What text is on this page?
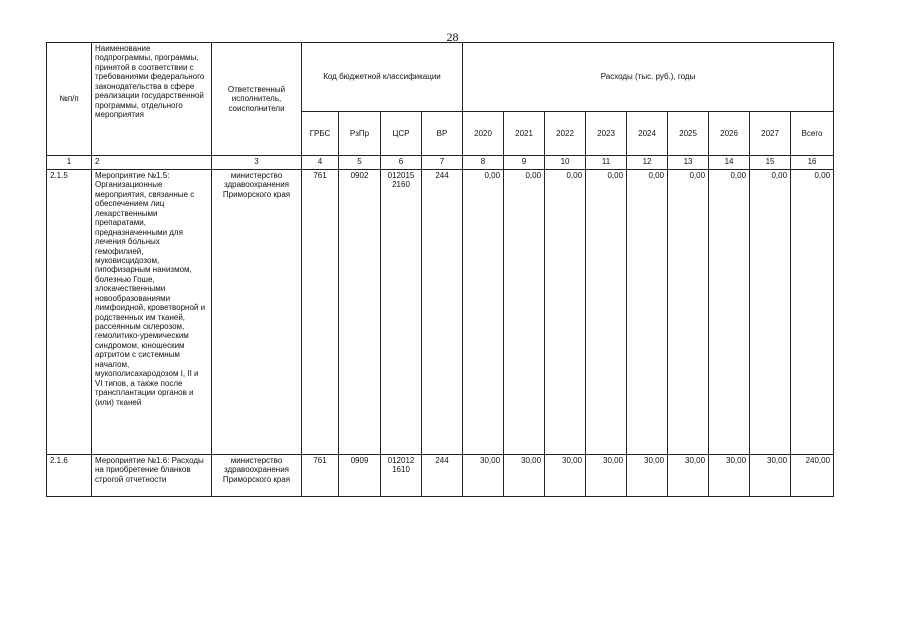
28
№п/п	Наименование подпрограммы, программы, принятой в соответствии с требованиями федерального законодательства в сфере реализации государственной программы, отдельного мероприятия	Ответственный исполнитель, соисполнители	Код бюджетной классификации				Расходы (тыс. руб.), годы								
			ГРБС	РзПр	ЦСР	ВР	2020	2021	2022	2023	2024	2025	2026	2027	Всего
1	2	3	4	5	6	7	8	9	10	11	12	13	14	15	16
2.1.5	Мероприятие №1.5: Организационные мероприятия, связанные с обеспечением лиц лекарственными препаратами, предназначенными для лечения больных гемофилией, муковисцидозом, гипофизарным нанизмом, болезнью Гоше, злокачественными новообразованиями лимфоидной, кроветворной и родственных им тканей, рассеянным склерозом, гемолитико-уремическим синдромом, юношеским артритом с системным началом, мукополисахародозом I, II и VI типов, а также после трансплантации органов и (или) тканей	министерство здравоохранения Приморского края	761	0902	012015 2160	244	0,00	0,00	0,00	0,00	0,00	0,00	0,00	0,00	0,00
2.1.6	Мероприятие №1.6: Расходы на приобретение бланков строгой отчетности	министерство здравоохранения Приморского края	761	0909	012012 1610	244	30,00	30,00	30,00	30,00	30,00	30,00	30,00	30,00	240,00
